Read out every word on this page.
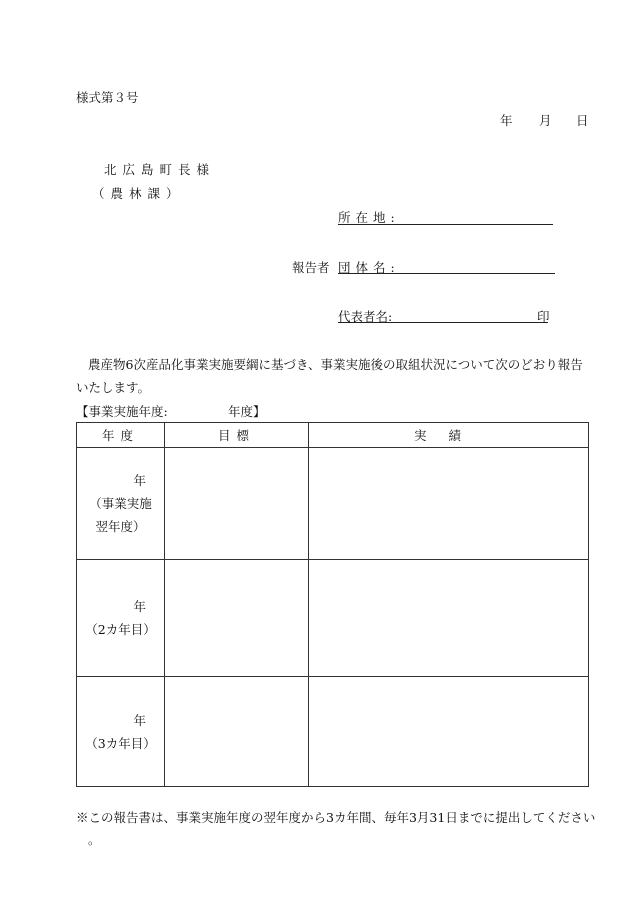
様式第３号
年 月 日
北広島町長様
（農林課）
所在地:
報告者 団体名:
代表者名:	印
農産物6次産品化事業実施要綱に基づき、事業実施後の取組状況について次のどおり報告
いたします。
【事業実施年度:	年度】
年度	目標	実績

年
（事業実施
翌年度）		

年
（2カ年目）		

年
（3カ年目）		

※この報告書は、事業実施年度の翌年度から3カ年間、毎年3月31日までに提出してください
。
